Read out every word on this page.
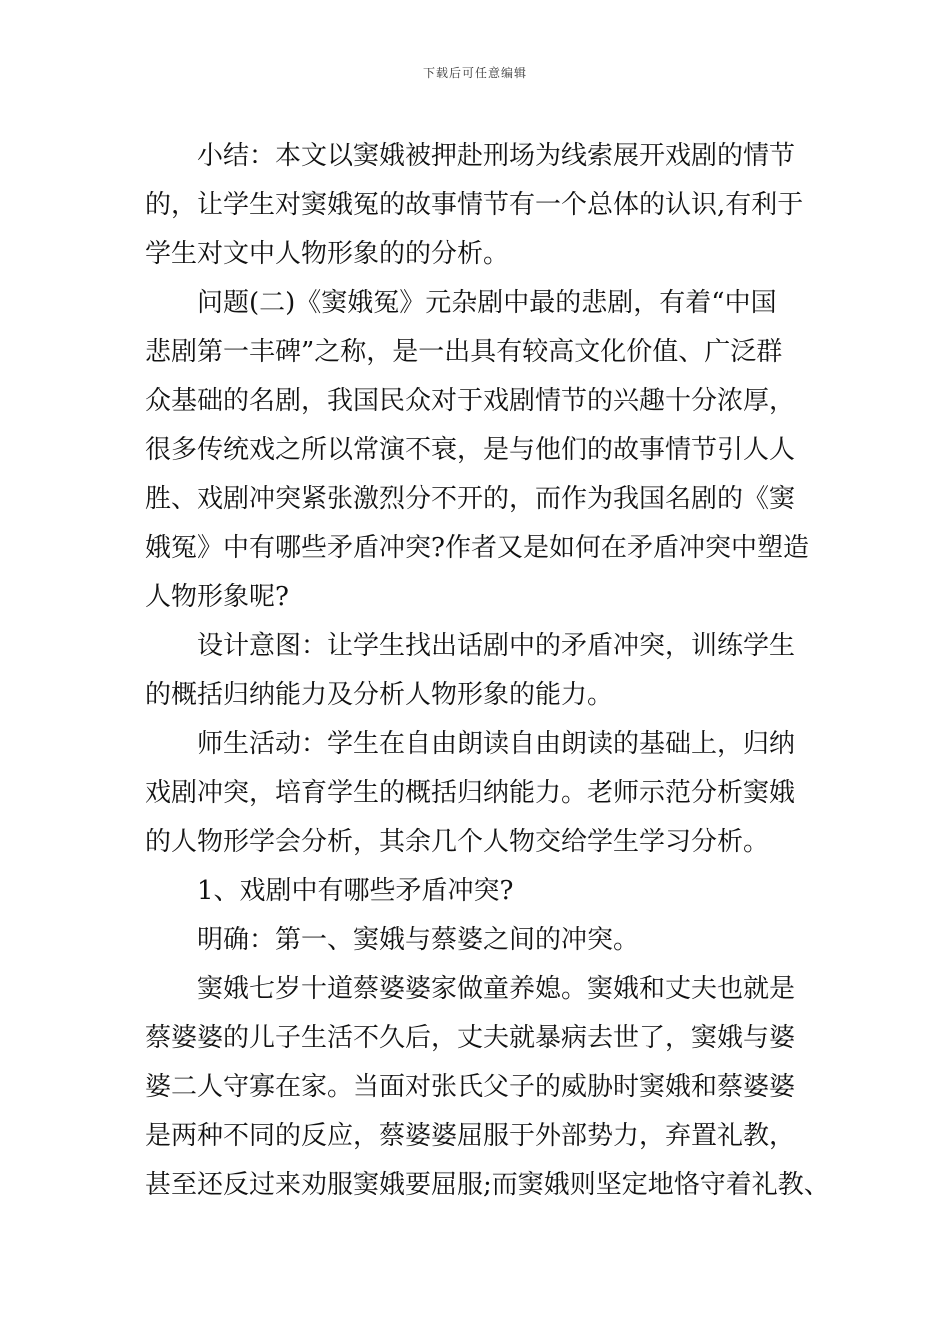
下载后可任意编辑
小结：本文以窦娥被押赴刑场为线索展开戏剧的情节
的，让学生对窦娥冤的故事情节有一个总体的认识,有利于
学生对文中人物形象的的分析。
问题(二)《窦娥冤》元杂剧中最的悲剧，有着“中国
悲剧第一丰碑”之称，是一出具有较高文化价值、广泛群
众基础的名剧，我国民众对于戏剧情节的兴趣十分浓厚，
很多传统戏之所以常演不衰，是与他们的故事情节引人人
胜、戏剧冲突紧张激烈分不开的，而作为我国名剧的《窦
娥冤》中有哪些矛盾冲突?作者又是如何在矛盾冲突中塑造
人物形象呢?
设计意图：让学生找出话剧中的矛盾冲突，训练学生
的概括归纳能力及分析人物形象的能力。
师生活动：学生在自由朗读自由朗读的基础上，归纳
戏剧冲突，培育学生的概括归纳能力。老师示范分析窦娥
的人物形学会分析，其余几个人物交给学生学习分析。
1、戏剧中有哪些矛盾冲突?
明确：第一、窦娥与蔡婆之间的冲突。
窦娥七岁十道蔡婆婆家做童养媳。窦娥和丈夫也就是
蔡婆婆的儿子生活不久后，丈夫就暴病去世了，窦娥与婆
婆二人守寡在家。当面对张氏父子的威胁时窦娥和蔡婆婆
是两种不同的反应，蔡婆婆屈服于外部势力，弃置礼教，
甚至还反过来劝服窦娥要屈服;而窦娥则坚定地恪守着礼教、
